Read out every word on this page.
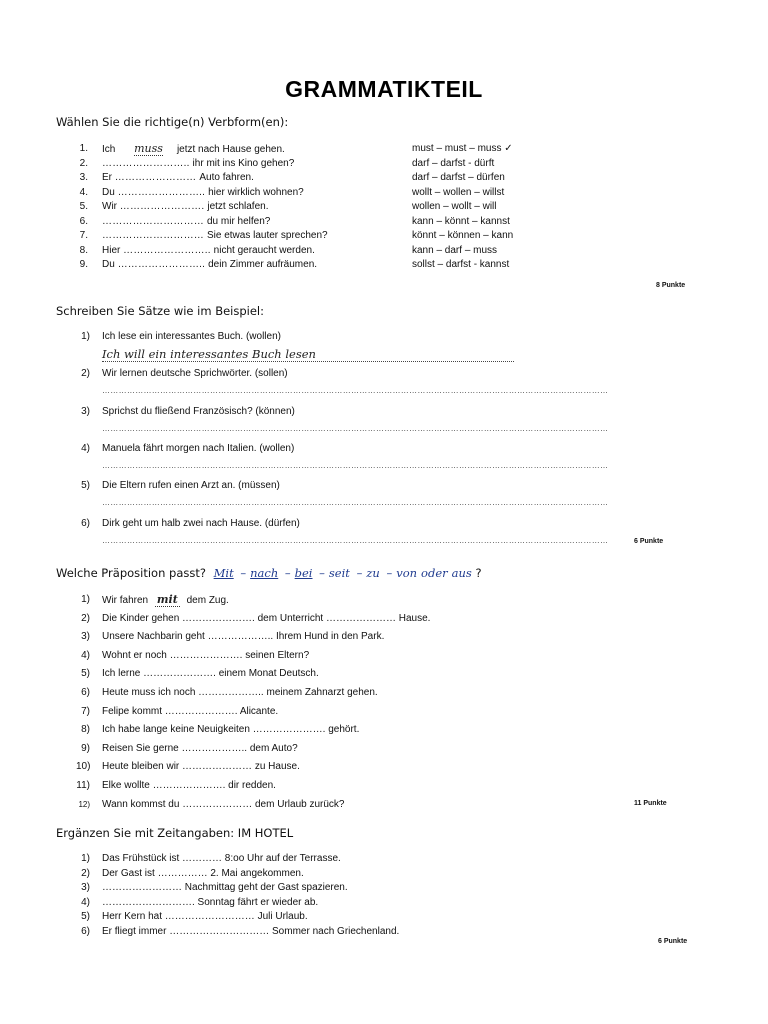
GRAMMATIKTEIL
Wählen Sie die richtige(n) Verbform(en):
1. Ich muss jetzt nach Hause gehen.	must – must – muss ✓
2. …………………….. ihr mit ins Kino gehen?	darf – darfst - dürft
3. Er …………………… Auto fahren.	darf – darfst – dürfen
4. Du …………………….. hier wirklich wohnen?	wollt – wollen – willst
5. Wir ……………………. jetzt schlafen.	wollen – wollt – will
6. ………………………… du mir helfen?	kann – könnt – kannst
7. ………………………… Sie etwas lauter sprechen?	könnt – können – kann
8. Hier …………………….. nicht geraucht werden.	kann – darf – muss
9. Du …………………….. dein Zimmer aufräumen.	sollst – darfst - kannst
8 Punkte
Schreiben Sie Sätze wie im Beispiel:
1) Ich lese ein interessantes Buch. (wollen)
Ich will ein interessantes Buch lesen
2) Wir lernen deutsche Sprichwörter. (sollen)
…………………………………………………………………………………………………………………………………………………………………
3) Sprichst du fließend Französisch? (können)
…………………………………………………………………………………………………………………………………………………………………
4) Manuela fährt morgen nach Italien. (wollen)
…………………………………………………………………………………………………………………………………………………………………
5) Die Eltern rufen einen Arzt an. (müssen)
…………………………………………………………………………………………………………………………………………………………………
6) Dirk geht um halb zwei nach Hause. (dürfen)
…………………………………………………………………………………………………………………………………………………………………	6 Punkte
Welche Präposition passt? Mit – nach – bei – seit – zu – von oder aus ?
1) Wir fahren mit dem Zug.
2) Die Kinder gehen …………………. dem Unterricht ………………… Hause.
3) Unsere Nachbarin geht ……………….. Ihrem Hund in den Park.
4) Wohnt er noch …………………. seinen Eltern?
5) Ich lerne …………………. einem Monat Deutsch.
6) Heute muss ich noch ……………….. meinem Zahnarzt gehen.
7) Felipe kommt …………………. Alicante.
8) Ich habe lange keine Neuigkeiten …………………. gehört.
9) Reisen Sie gerne ……………….. dem Auto?
10) Heute bleiben wir ………………… zu Hause.
11) Elke wollte …………………. dir redden.
12) Wann kommst du ………………… dem Urlaub zurück?	11 Punkte
Ergänzen Sie mit Zeitangaben: IM HOTEL
1) Das Frühstück ist ………… 8:oo Uhr auf der Terrasse.
2) Der Gast ist …………… 2. Mai angekommen.
3) …………………… Nachmittag geht der Gast spazieren.
4) ………………………. Sonntag fährt er wieder ab.
5) Herr Kern hat ……………………… Juli Urlaub.
6) Er fliegt immer ………………………… Sommer nach Griechenland.
6 Punkte
